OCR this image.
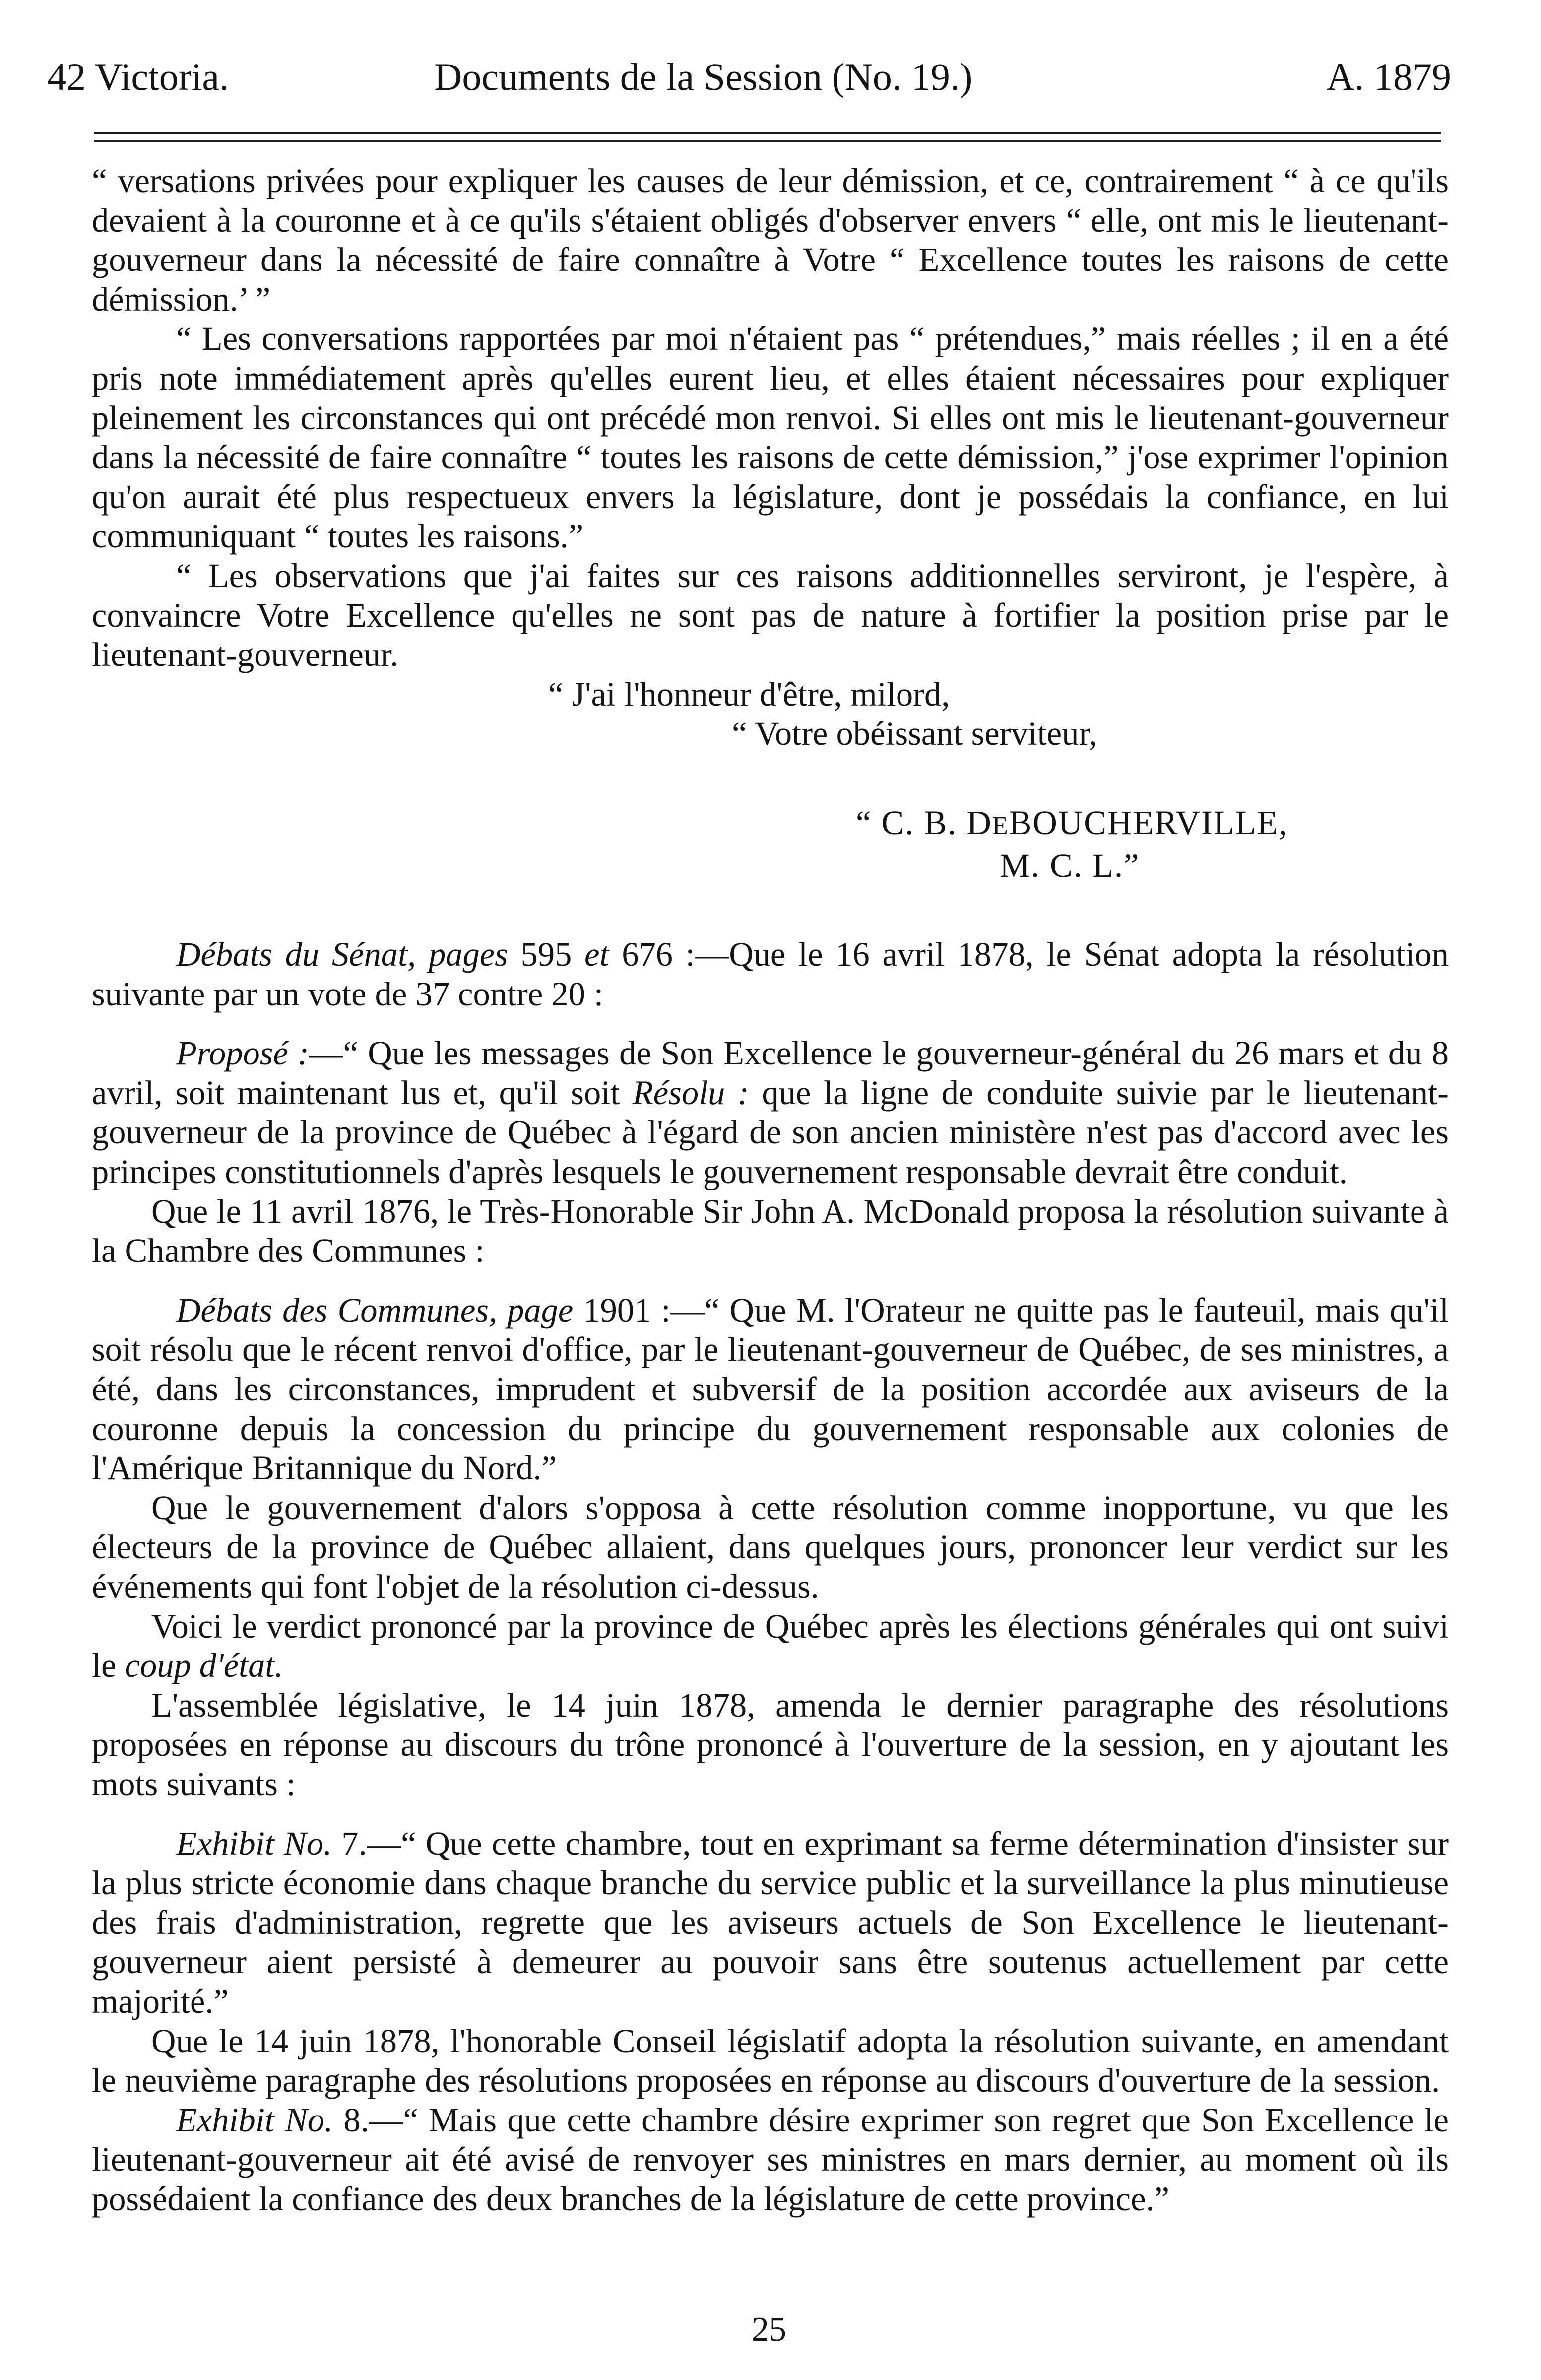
42 Victoria.	Documents de la Session (No. 19.)	A. 1879

“ versations privées pour expliquer les causes de leur démission, et ce, contrairement “ à ce qu'ils devaient à la couronne et à ce qu'ils s'étaient obligés d'observer envers “ elle, ont mis le lieutenant-gouverneur dans la nécessité de faire connaître à Votre “ Excellence toutes les raisons de cette démission.’ ”

“ Les conversations rapportées par moi n'étaient pas “ prétendues,” mais réelles ; il en a été pris note immédiatement après qu'elles eurent lieu, et elles étaient nécessaires pour expliquer pleinement les circonstances qui ont précédé mon renvoi. Si elles ont mis le lieutenant-gouverneur dans la nécessité de faire connaître “ toutes les raisons de cette démission,” j'ose exprimer l'opinion qu'on aurait été plus respectueux envers la législature, dont je possédais la confiance, en lui communiquant “ toutes les raisons.”

“ Les observations que j'ai faites sur ces raisons additionnelles serviront, je l'espère, à convaincre Votre Excellence qu'elles ne sont pas de nature à fortifier la position prise par le lieutenant-gouverneur.

“ J'ai l'honneur d'être, milord,

“ Votre obéissant serviteur,

“ C. B. DEBOUCHERVILLE,

M. C. L.”

Débats du Sénat, pages 595 et 676 :—Que le 16 avril 1878, le Sénat adopta la résolution suivante par un vote de 37 contre 20 :

Proposé :—“ Que les messages de Son Excellence le gouverneur-général du 26 mars et du 8 avril, soit maintenant lus et, qu'il soit Résolu : que la ligne de conduite suivie par le lieutenant-gouverneur de la province de Québec à l'égard de son ancien ministère n'est pas d'accord avec les principes constitutionnels d'après lesquels le gouvernement responsable devrait être conduit.

Que le 11 avril 1876, le Très-Honorable Sir John A. McDonald proposa la résolution suivante à la Chambre des Communes :

Débats des Communes, page 1901 :—“ Que M. l'Orateur ne quitte pas le fauteuil, mais qu'il soit résolu que le récent renvoi d'office, par le lieutenant-gouverneur de Québec, de ses ministres, a été, dans les circonstances, imprudent et subversif de la position accordée aux aviseurs de la couronne depuis la concession du principe du gouvernement responsable aux colonies de l'Amérique Britannique du Nord.”

Que le gouvernement d'alors s'opposa à cette résolution comme inopportune, vu que les électeurs de la province de Québec allaient, dans quelques jours, prononcer leur verdict sur les événements qui font l'objet de la résolution ci-dessus.

Voici le verdict prononcé par la province de Québec après les élections générales qui ont suivi le coup d'état.

L'assemblée législative, le 14 juin 1878, amenda le dernier paragraphe des résolutions proposées en réponse au discours du trône prononcé à l'ouverture de la session, en y ajoutant les mots suivants :

Exhibit No. 7.—“ Que cette chambre, tout en exprimant sa ferme détermination d'insister sur la plus stricte économie dans chaque branche du service public et la surveillance la plus minutieuse des frais d'administration, regrette que les aviseurs actuels de Son Excellence le lieutenant-gouverneur aient persisté à demeurer au pouvoir sans être soutenus actuellement par cette majorité.”

Que le 14 juin 1878, l'honorable Conseil législatif adopta la résolution suivante, en amendant le neuvième paragraphe des résolutions proposées en réponse au discours d'ouverture de la session.

Exhibit No. 8.—“ Mais que cette chambre désire exprimer son regret que Son Excellence le lieutenant-gouverneur ait été avisé de renvoyer ses ministres en mars dernier, au moment où ils possédaient la confiance des deux branches de la législature de cette province.”

25
